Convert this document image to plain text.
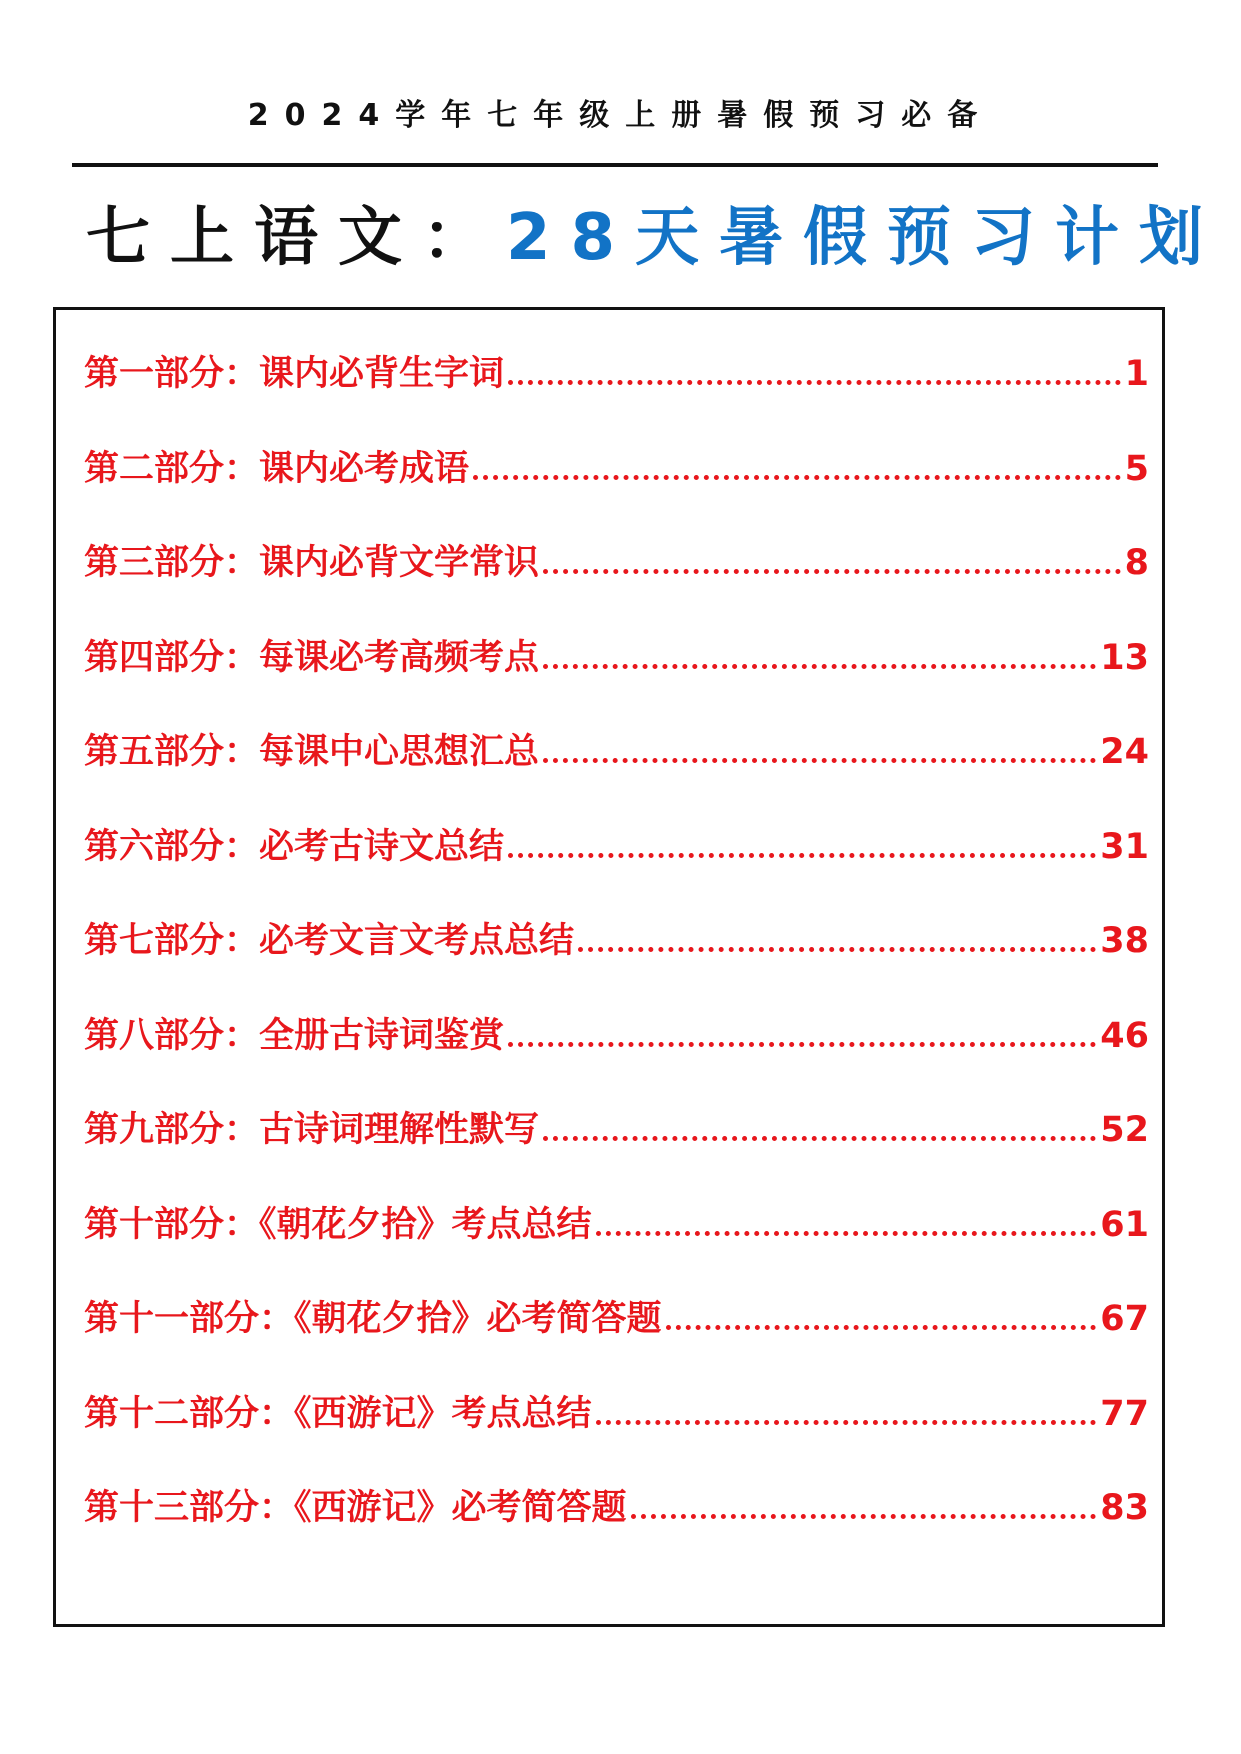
2024学年七年级上册暑假预习必备
七上语文：28天暑假预习计划
第一部分：课内必背生字词	1
第二部分：课内必考成语	5
第三部分：课内必背文学常识	8
第四部分：每课必考高频考点	13
第五部分：每课中心思想汇总	24
第六部分：必考古诗文总结	31
第七部分：必考文言文考点总结	38
第八部分：全册古诗词鉴赏	46
第九部分：古诗词理解性默写	52
第十部分：《朝花夕拾》考点总结	61
第十一部分：《朝花夕拾》必考简答题	67
第十二部分：《西游记》考点总结	77
第十三部分：《西游记》必考简答题	83
